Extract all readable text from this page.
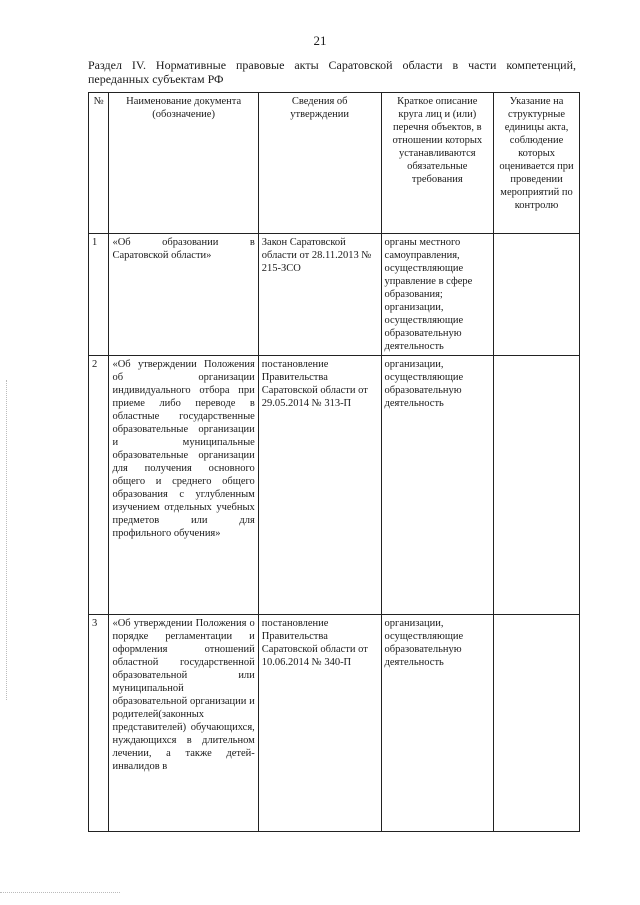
21
Раздел IV. Нормативные правовые акты Саратовской области в части компетенций, переданных субъектам РФ
№	Наименование документа (обозначение)	Сведения об утверждении	Краткое описание круга лиц и (или) перечня объектов, в отношении которых устанавливаются обязательные требования	Указание на структурные единицы акта, соблюдение которых оценивается при проведении мероприятий по контролю
1	«Об образовании в Саратовской области»	Закон Саратовской области от 28.11.2013 № 215-ЗСО	органы местного самоуправления, осуществляющие управление в сфере образования; организации, осуществляющие образовательную деятельность	
2	«Об утверждении Положения об организации индивидуального отбора при приеме либо переводе в областные государственные образовательные организации и муниципальные образовательные организации для получения основного общего и среднего общего образования с углубленным изучением отдельных учебных предметов или для профильного обучения»	постановление Правительства Саратовской области от 29.05.2014 № 313-П	организации, осуществляющие образовательную деятельность	
3	«Об утверждении Положения о порядке регламентации и оформления отношений областной государственной образовательной или муниципальной образовательной организации и родителей(законных представителей) обучающихся, нуждающихся в длительном лечении, а также детей-инвалидов в	постановление Правительства Саратовской области от 10.06.2014 № 340-П	организации, осуществляющие образовательную деятельность	
